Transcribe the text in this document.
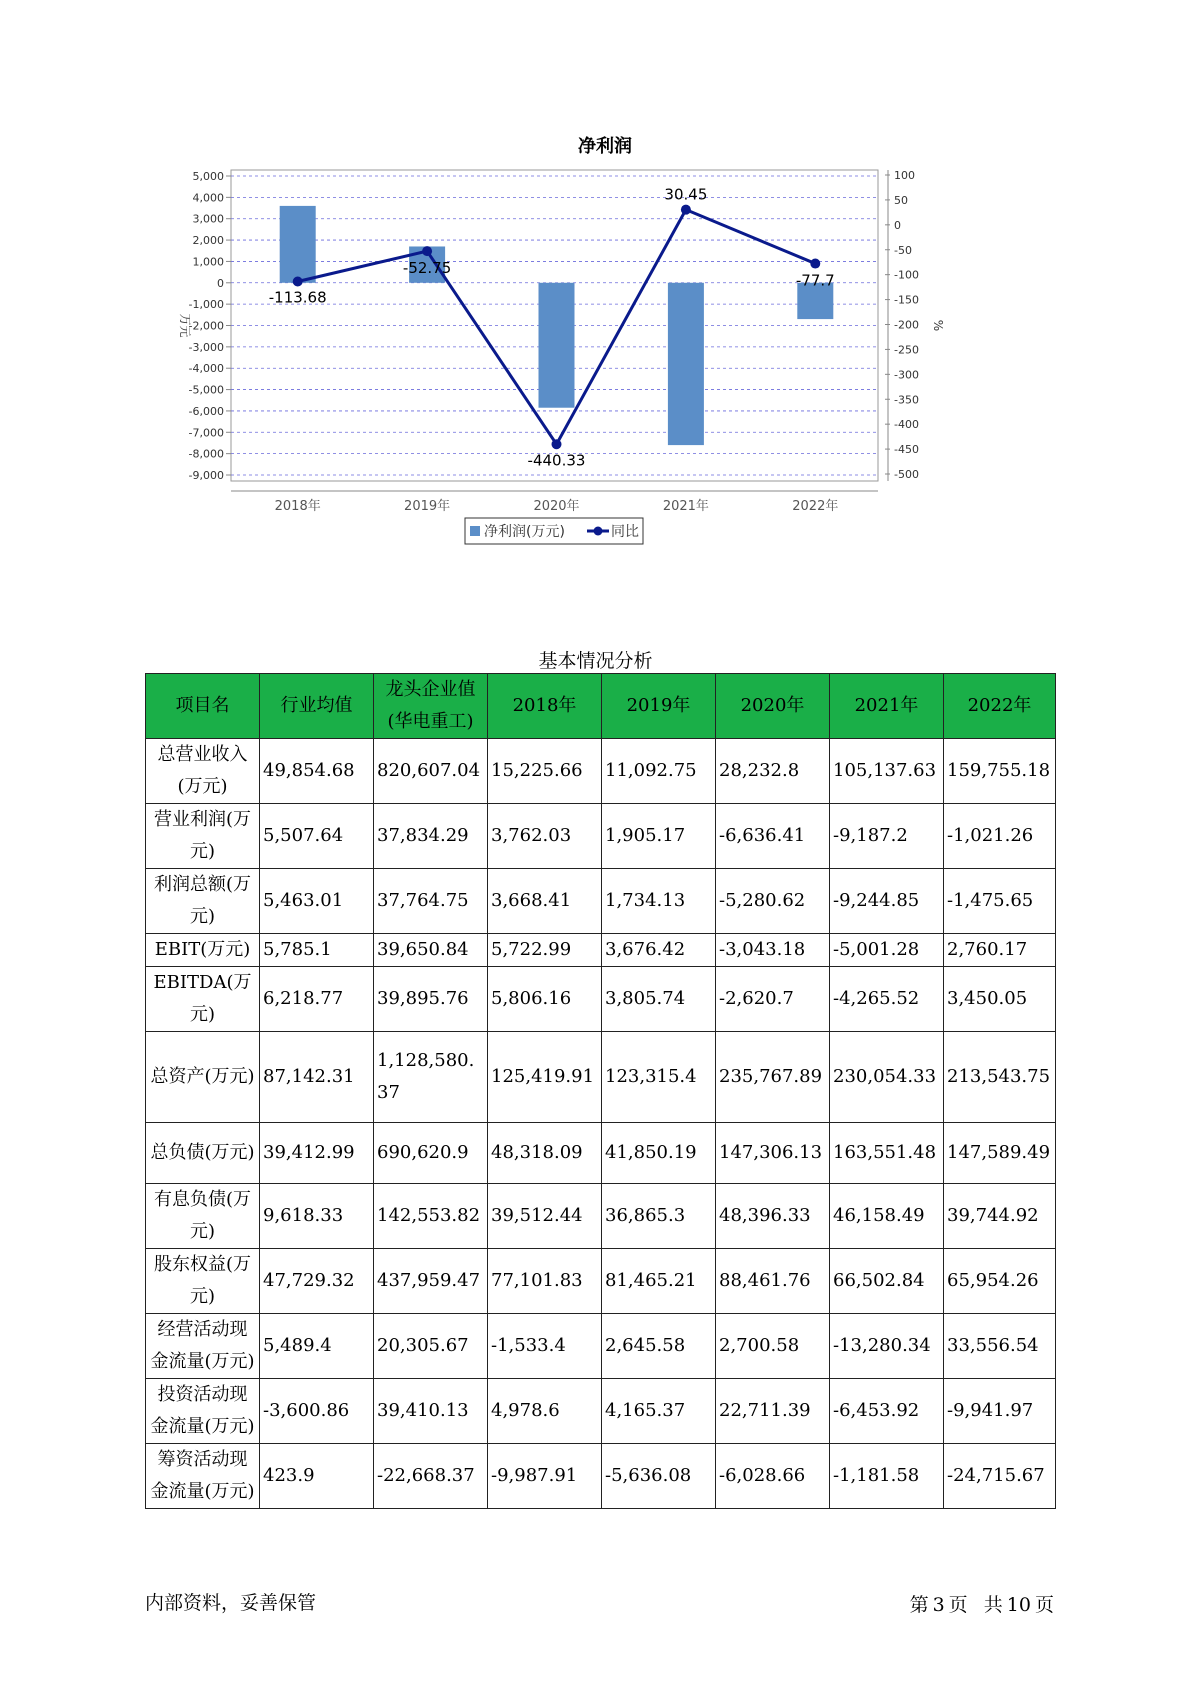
净利润
5,000
4,000
3,000
2,000
1,000
0
-1,000
-2,000
-3,000
-4,000
-5,000
-6,000
-7,000
-8,000
-9,000
100
50
0
-50
-100
-150
-200
-250
-300
-350
-400
-450
-500
万元	%
2018年	2019年	2020年	2021年	2022年
-113.68
-52.75
-440.33
30.45
-77.7
净利润(万元)	同比
基本情况分析
项目名	行业均值	龙头企业值(华电重工)	2018年	2019年	2020年	2021年	2022年
总营业收入(万元)	49,854.68	820,607.04	15,225.66	11,092.75	28,232.8	105,137.63	159,755.18
营业利润(万元)	5,507.64	37,834.29	3,762.03	1,905.17	-6,636.41	-9,187.2	-1,021.26
利润总额(万元)	5,463.01	37,764.75	3,668.41	1,734.13	-5,280.62	-9,244.85	-1,475.65
EBIT(万元)	5,785.1	39,650.84	5,722.99	3,676.42	-3,043.18	-5,001.28	2,760.17
EBITDA(万元)	6,218.77	39,895.76	5,806.16	3,805.74	-2,620.7	-4,265.52	3,450.05
总资产(万元)	87,142.31	1,128,580.37	125,419.91	123,315.4	235,767.89	230,054.33	213,543.75
总负债(万元)	39,412.99	690,620.9	48,318.09	41,850.19	147,306.13	163,551.48	147,589.49
有息负债(万元)	9,618.33	142,553.82	39,512.44	36,865.3	48,396.33	46,158.49	39,744.92
股东权益(万元)	47,729.32	437,959.47	77,101.83	81,465.21	88,461.76	66,502.84	65,954.26
经营活动现金流量(万元)	5,489.4	20,305.67	-1,533.4	2,645.58	2,700.58	-13,280.34	33,556.54
投资活动现金流量(万元)	-3,600.86	39,410.13	4,978.6	4,165.37	22,711.39	-6,453.92	-9,941.97
筹资活动现金流量(万元)	423.9	-22,668.37	-9,987.91	-5,636.08	-6,028.66	-1,181.58	-24,715.67
内部资料，妥善保管	第 3 页 共 10 页
